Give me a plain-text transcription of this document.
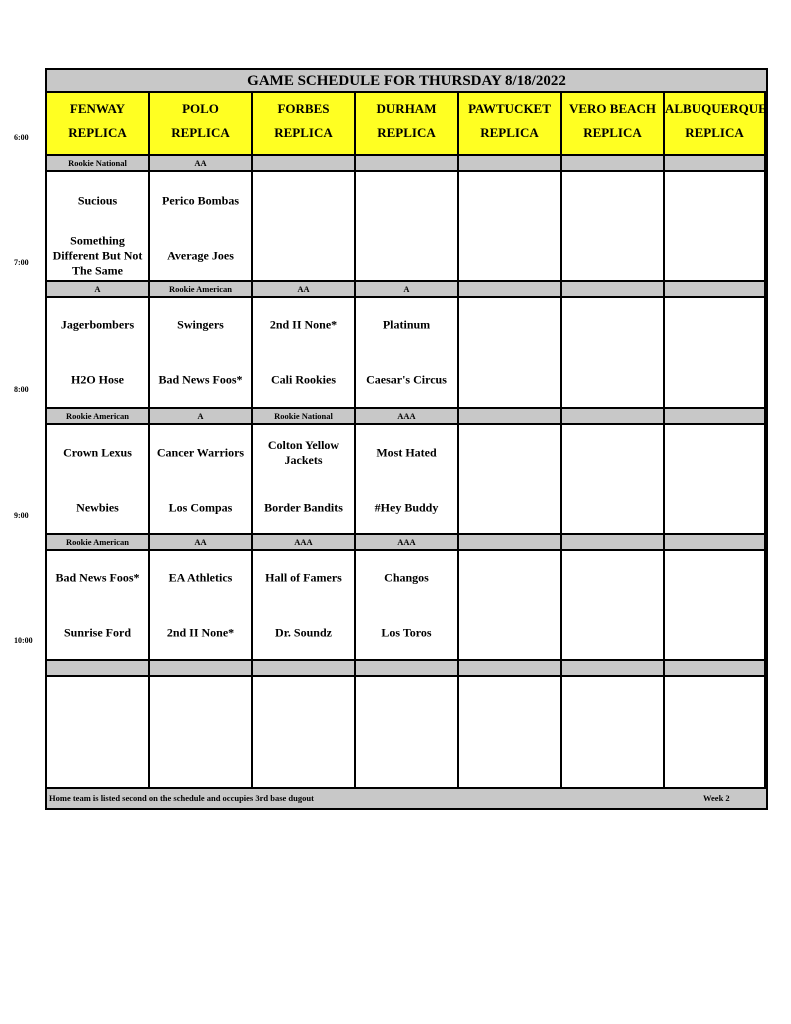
6:00
7:00
8:00
9:00
10:00
GAME SCHEDULE FOR THURSDAY 8/18/2022
FENWAY
REPLICA
POLO
REPLICA
FORBES
REPLICA
DURHAM
REPLICA
PAWTUCKET
REPLICA
VERO BEACH
REPLICA
ALBUQUERQUE
REPLICA
Rookie National
Sucious
Something Different But Not The Same
AA
Perico Bombas
Average Joes
A
Jagerbombers
H2O Hose
Rookie American
Swingers
Bad News Foos*
AA
2nd II None*
Cali Rookies
A
Platinum
Caesar's Circus
Rookie American
Crown Lexus
Newbies
A
Cancer Warriors
Los Compas
Rookie National
Colton Yellow Jackets
Border Bandits
AAA
Most Hated
#Hey Buddy
Rookie American
Bad News Foos*
Sunrise Ford
AA
EA Athletics
2nd II None*
AAA
Hall of Famers
Dr. Soundz
AAA
Changos
Los Toros
Home team is listed second on the schedule and occupies 3rd base dugout	Week 2
